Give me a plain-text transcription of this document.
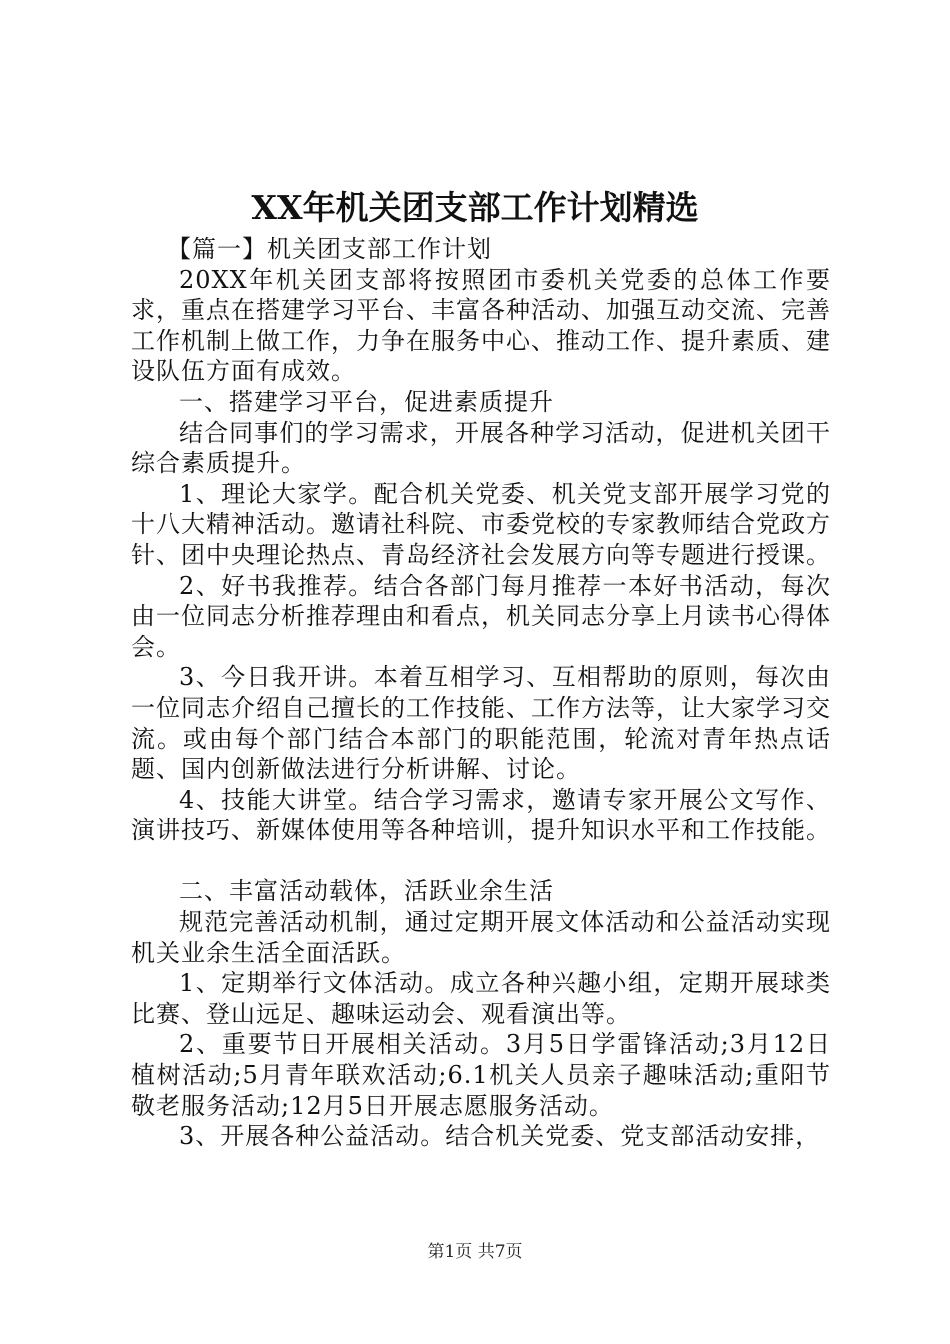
XX年机关团支部工作计划精选

【篇一】机关团支部工作计划

20XX年机关团支部将按照团市委机关党委的总体工作要求，重点在搭建学习平台、丰富各种活动、加强互动交流、完善工作机制上做工作，力争在服务中心、推动工作、提升素质、建设队伍方面有成效。

一、搭建学习平台，促进素质提升

结合同事们的学习需求，开展各种学习活动，促进机关团干综合素质提升。

1、理论大家学。配合机关党委、机关党支部开展学习党的十八大精神活动。邀请社科院、市委党校的专家教师结合党政方针、团中央理论热点、青岛经济社会发展方向等专题进行授课。

2、好书我推荐。结合各部门每月推荐一本好书活动，每次由一位同志分析推荐理由和看点，机关同志分享上月读书心得体会。

3、今日我开讲。本着互相学习、互相帮助的原则，每次由一位同志介绍自己擅长的工作技能、工作方法等，让大家学习交流。或由每个部门结合本部门的职能范围，轮流对青年热点话题、国内创新做法进行分析讲解、讨论。

4、技能大讲堂。结合学习需求，邀请专家开展公文写作、演讲技巧、新媒体使用等各种培训，提升知识水平和工作技能。

二、丰富活动载体，活跃业余生活

规范完善活动机制，通过定期开展文体活动和公益活动实现机关业余生活全面活跃。

1、定期举行文体活动。成立各种兴趣小组，定期开展球类比赛、登山远足、趣味运动会、观看演出等。

2、重要节日开展相关活动。3月5日学雷锋活动;3月12日植树活动;5月青年联欢活动;6.1机关人员亲子趣味活动;重阳节敬老服务活动;12月5日开展志愿服务活动。

3、开展各种公益活动。结合机关党委、党支部活动安排，

第1页 共7页
